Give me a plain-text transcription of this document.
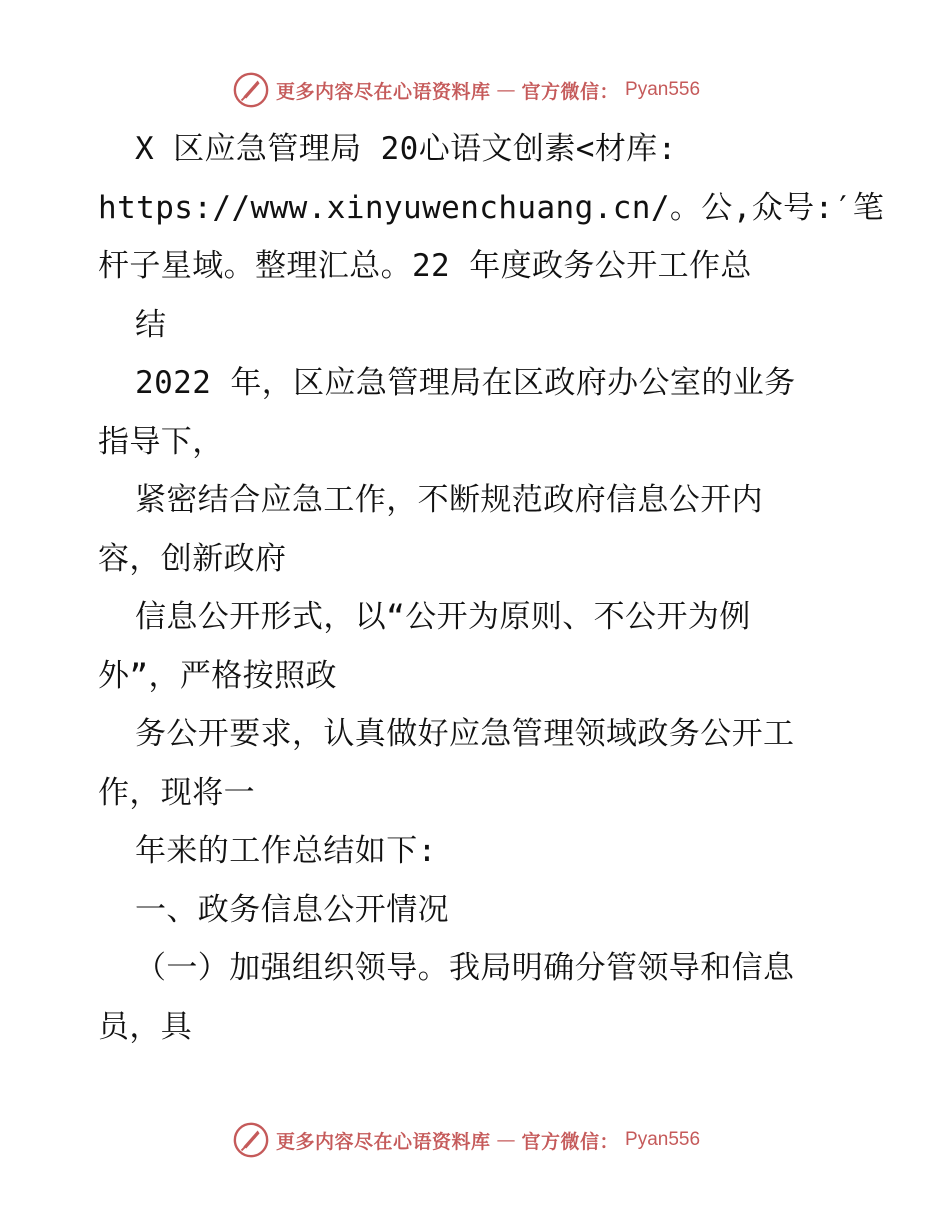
更多内容尽在心语资料库 — 官方微信： Pyan556
X 区应急管理局 20心语文创素<材库:
https://www.xinyuwenchuang.cn/。公,众号:′笔
杆子星域。整理汇总。22 年度政务公开工作总
结
2022 年，区应急管理局在区政府办公室的业务
指导下，
紧密结合应急工作，不断规范政府信息公开内
容，创新政府
信息公开形式，以“公开为原则、不公开为例
外”，严格按照政
务公开要求，认真做好应急管理领域政务公开工
作，现将一
年来的工作总结如下:
一、政务信息公开情况
（一）加强组织领导。我局明确分管领导和信息
员，具
更多内容尽在心语资料库 — 官方微信： Pyan556
